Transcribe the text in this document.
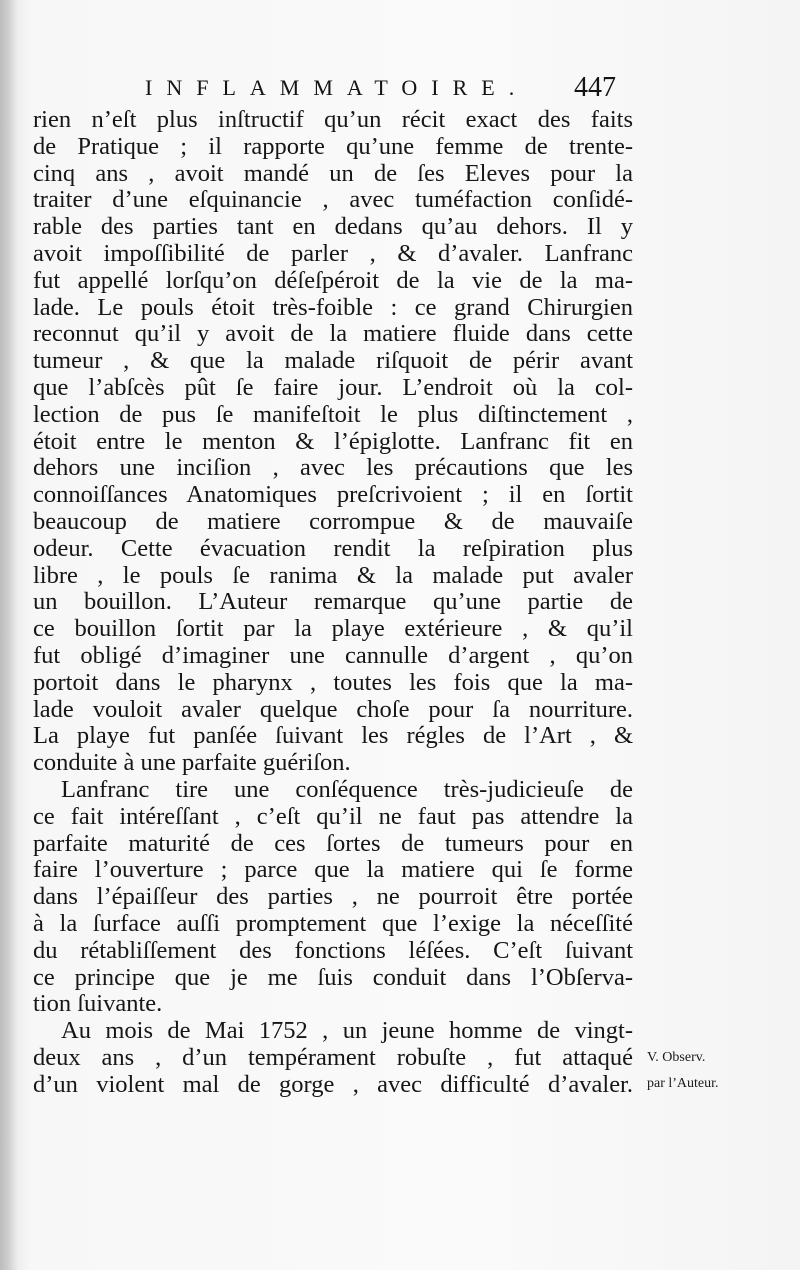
INFLAMMATOIRE. 447
rien n’eſt plus inſtructif qu’un récit exact des faits
de Pratique ; il rapporte qu’une femme de trente-
cinq ans , avoit mandé un de ſes Eleves pour la
traiter d’une eſquinancie , avec tuméfaction conſidé-
rable des parties tant en dedans qu’au dehors. Il y
avoit impoſſibilité de parler , & d’avaler. Lanfranc
fut appellé lorſqu’on déſeſpéroit de la vie de la ma-
lade. Le pouls étoit très-foible : ce grand Chirurgien
reconnut qu’il y avoit de la matiere fluide dans cette
tumeur , & que la malade riſquoit de périr avant
que l’abſcès pût ſe faire jour. L’endroit où la col-
lection de pus ſe manifeſtoit le plus diſtinctement ,
étoit entre le menton & l’épiglotte. Lanfranc fit en
dehors une inciſion , avec les précautions que les
connoiſſances Anatomiques preſcrivoient ; il en ſortit
beaucoup de matiere corrompue & de mauvaiſe
odeur. Cette évacuation rendit la reſpiration plus
libre , le pouls ſe ranima & la malade put avaler
un bouillon. L’Auteur remarque qu’une partie de
ce bouillon ſortit par la playe extérieure , & qu’il
fut obligé d’imaginer une cannulle d’argent , qu’on
portoit dans le pharynx , toutes les fois que la ma-
lade vouloit avaler quelque choſe pour ſa nourriture.
La playe fut panſée ſuivant les régles de l’Art , &
conduite à une parfaite guériſon.
Lanfranc tire une conſéquence très-judicieuſe de
ce fait intéreſſant , c’eſt qu’il ne faut pas attendre la
parfaite maturité de ces ſortes de tumeurs pour en
faire l’ouverture ; parce que la matiere qui ſe forme
dans l’épaiſſeur des parties , ne pourroit être portée
à la ſurface auſſi promptement que l’exige la néceſſité
du rétabliſſement des fonctions léſées. C’eſt ſuivant
ce principe que je me ſuis conduit dans l’Obſerva-
tion ſuivante.
Au mois de Mai 1752 , un jeune homme de vingt-
deux ans , d’un tempérament robuſte , fut attaqué
d’un violent mal de gorge , avec difficulté d’avaler.
V. Observ.
par l’Auteur.
